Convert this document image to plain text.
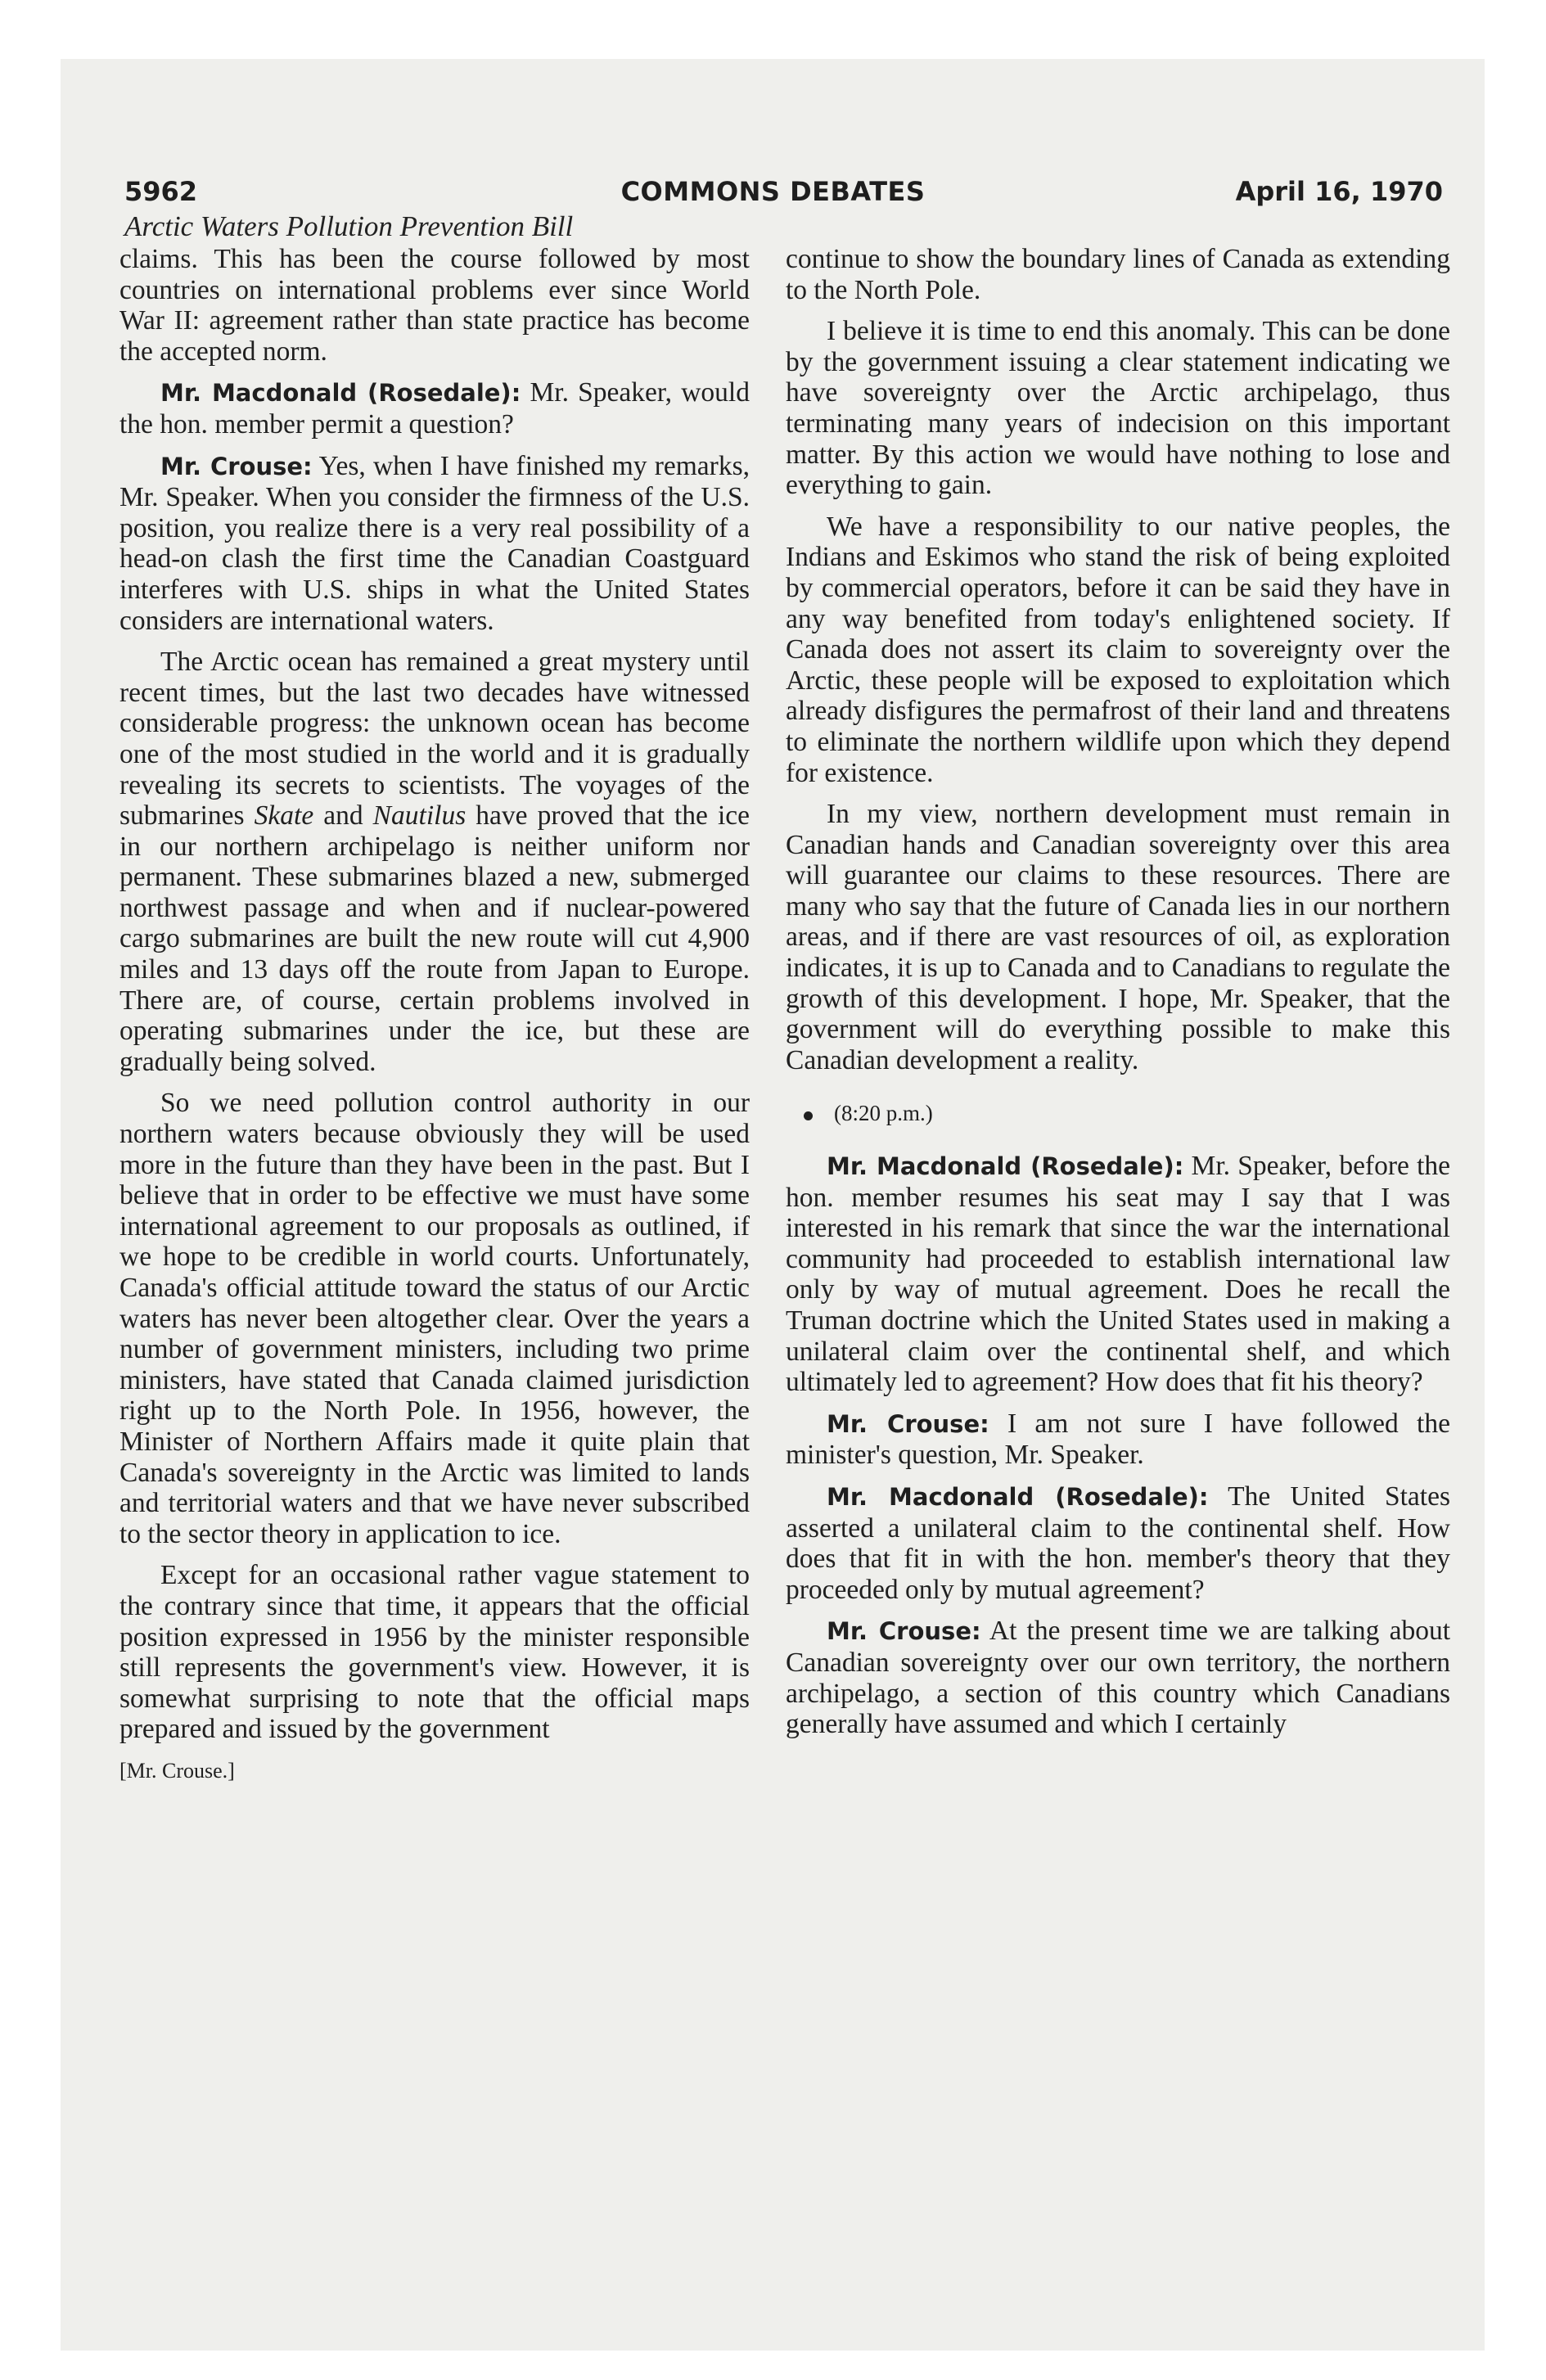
COMMONS DEBATES
5962	April 16, 1970
Arctic Waters Pollution Prevention Bill

claims. This has been the course followed by most countries on international problems ever since World War II: agreement rather than state practice has become the accepted norm.

Mr. Macdonald (Rosedale): Mr. Speaker, would the hon. member permit a question?

Mr. Crouse: Yes, when I have finished my remarks, Mr. Speaker. When you consider the firmness of the U.S. position, you realize there is a very real possibility of a head-on clash the first time the Canadian Coastguard interferes with U.S. ships in what the United States considers are international waters.

The Arctic ocean has remained a great mystery until recent times, but the last two decades have witnessed considerable progress: the unknown ocean has become one of the most studied in the world and it is gradually revealing its secrets to scientists. The voyages of the submarines Skate and Nautilus have proved that the ice in our northern archipelago is neither uniform nor permanent. These submarines blazed a new, submerged northwest passage and when and if nuclear-powered cargo submarines are built the new route will cut 4,900 miles and 13 days off the route from Japan to Europe. There are, of course, certain problems involved in operating submarines under the ice, but these are gradually being solved.

So we need pollution control authority in our northern waters because obviously they will be used more in the future than they have been in the past. But I believe that in order to be effective we must have some international agreement to our proposals as outlined, if we hope to be credible in world courts. Unfortunately, Canada's official attitude toward the status of our Arctic waters has never been altogether clear. Over the years a number of government ministers, including two prime ministers, have stated that Canada claimed jurisdiction right up to the North Pole. In 1956, however, the Minister of Northern Affairs made it quite plain that Canada's sovereignty in the Arctic was limited to lands and territorial waters and that we have never subscribed to the sector theory in application to ice.

Except for an occasional rather vague statement to the contrary since that time, it appears that the official position expressed in 1956 by the minister responsible still represents the government's view. However, it is somewhat surprising to note that the official maps prepared and issued by the government

[Mr. Crouse.]

continue to show the boundary lines of Canada as extending to the North Pole.

I believe it is time to end this anomaly. This can be done by the government issuing a clear statement indicating we have sovereignty over the Arctic archipelago, thus terminating many years of indecision on this important matter. By this action we would have nothing to lose and everything to gain.

We have a responsibility to our native peoples, the Indians and Eskimos who stand the risk of being exploited by commercial operators, before it can be said they have in any way benefited from today's enlightened society. If Canada does not assert its claim to sovereignty over the Arctic, these people will be exposed to exploitation which already disfigures the permafrost of their land and threatens to eliminate the northern wildlife upon which they depend for existence.

In my view, northern development must remain in Canadian hands and Canadian sovereignty over this area will guarantee our claims to these resources. There are many who say that the future of Canada lies in our northern areas, and if there are vast resources of oil, as exploration indicates, it is up to Canada and to Canadians to regulate the growth of this development. I hope, Mr. Speaker, that the government will do everything possible to make this Canadian development a reality.

(8:20 p.m.)

Mr. Macdonald (Rosedale): Mr. Speaker, before the hon. member resumes his seat may I say that I was interested in his remark that since the war the international community had proceeded to establish international law only by way of mutual agreement. Does he recall the Truman doctrine which the United States used in making a unilateral claim over the continental shelf, and which ultimately led to agreement? How does that fit his theory?

Mr. Crouse: I am not sure I have followed the minister's question, Mr. Speaker.

Mr. Macdonald (Rosedale): The United States asserted a unilateral claim to the continental shelf. How does that fit in with the hon. member's theory that they proceeded only by mutual agreement?

Mr. Crouse: At the present time we are talking about Canadian sovereignty over our own territory, the northern archipelago, a section of this country which Canadians generally have assumed and which I certainly
